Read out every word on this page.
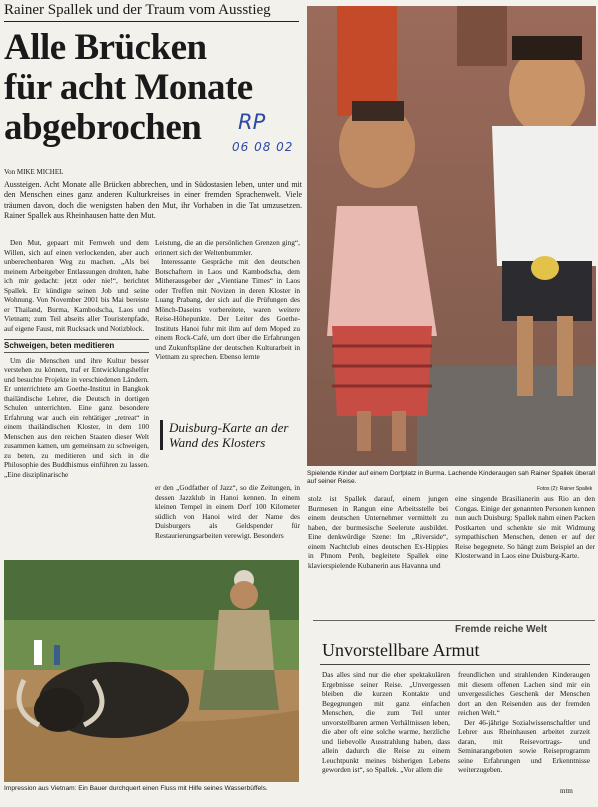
Rainer Spallek und der Traum vom Ausstieg
Alle Brücken
für acht Monate
abgebrochen	RP
06 08 02
Von MIKE MICHEL
Aussteigen. Acht Monate alle Brücken abbrechen, und in Südostasien leben, unter und mit den Menschen eines ganz anderen Kulturkreises in einer fremden Sprachenwelt. Viele träumen davon, doch die wenigsten haben den Mut, ihr Vorhaben in die Tat umzusetzen. Rainer Spallek aus Rheinhausen hatte den Mut.

Den Mut, gepaart mit Fernweh und dem Willen, sich auf einen verlockenden, aber auch unberechenbaren Weg zu machen. „Als bei meinem Arbeitgeber Entlassungen drohten, habe ich mir gedacht: jetzt oder nie!“, berichtet Spallek. Er kündigte seinen Job und seine Wohnung. Von November 2001 bis Mai bereiste er Thailand, Burma, Kambodscha, Laos und Vietnam; zum Teil abseits aller Touristenpfade, auf eigene Faust, mit Rucksack und Notizblock.

Schweigen, beten meditieren

Um die Menschen und ihre Kultur besser verstehen zu können, traf er Entwicklungshelfer und besuchte Projekte in verschiedenen Ländern. Er unterrichtete am Goethe-Institut in Bangkok thailändische Lehrer, die Deutsch in dortigen Schulen unterrichten. Eine ganz besondere Erfahrung war auch ein rehtätiger „retreat“ in einem thailändischen Kloster, in dem 100 Menschen aus den reichen Staaten dieser Welt zusammen kamen, um gemeinsam zu schweigen, zu beten, zu meditieren und sich in die Philosophie des Buddhismus einführen zu lassen. „Eine disziplinarische

Leistung, die an die persönlichen Grenzen ging“, erinnert sich der Weltenbummler.

Interessante Gespräche mit den deutschen Botschaftern in Laos und Kambodscha, dem Mitherausgeber der „Vientiane Times“ in Laos oder Treffen mit Novizen in deren Kloster in Luang Prabang, der sich auf die Prüfungen des Mönch-Daseins vorbereitete, waren weitere Reise-Höhepunkte. Der Leiter des Goethe-Instituts Hanoi fuhr mit ihm auf dem Moped zu einem Rock-Café, um dort über die Erfahrungen und Zukunftspläne der deutschen Kulturarbeit in Vietnam zu sprechen. Ebenso lernte

Duisburg-Karte an der Wand des Klosters

er den „Godfather of Jazz“, so die Zeitungen, in dessen Jazzklub in Hanoi kennen. In einem kleinen Tempel in einem Dorf 100 Kilometer südlich von Hanoi wird der Name des Duisburgers als Geldspender für Restaurierungsarbeiten verewigt. Besonders

Spielende Kinder auf einem Dorfplatz in Burma. Lachende Kinderaugen sah Rainer Spallek überall auf seiner Reise.
Fotos (2): Rainer Spallek

stolz ist Spallek darauf, einem jungen Burmesen in Rangun eine Arbeitsstelle bei einem deutschen Unternehmer vermittelt zu haben, der burmesische Seelerute ausbildet. Eine denkwürdige Szene: Im „Riverside“, einem Nachtclub eines deutschen Ex-Hippies in Phnom Penh, begleitete Spallek eine klavierspielende Kubanerin aus Havanna und

eine singende Brasilianerin aus Rio an den Congas. Einige der genannten Personen kennen nun auch Duisburg: Spallek nahm einen Packen Postkarten und schenkte sie mit Widmung sympathischen Menschen, denen er auf der Reise begegnete. So hängt zum Beispiel an der Klosterwand in Laos eine Duisburg-Karte.

Impression aus Vietnam: Ein Bauer durchquert einen Fluss mit Hilfe seines Wasserbüffels.
Fremde reiche Welt
Unvorstellbare Armut

Das alles sind nur die eher spektakulären Ergebnisse seiner Reise. „Unvergessen bleiben die kurzen Kontakte und Begegnungen mit ganz einfachen Menschen, die zum Teil unter unvorstellbaren armen Verhältnissen leben, die aber oft eine solche warme, herzliche und liebevolle Ausstrahlung haben, dass allein dadurch die Reise zu einem Leuchtpunkt meines bisherigen Lebens geworden ist“, so Spallek. „Vor allem die

freundlichen und strahlenden Kinderaugen mit diesem offenen Lachen sind mir ein unvergessliches Geschenk der Menschen dort an den Reisenden aus der fremden reichen Welt.“

Der 46-jährige Sozialwissenschaftler und Lehrer aus Rheinhausen arbeitet zurzeit daran, mit Reisevortrags- und Seminarangeboten sowie Reiseprogramm seine Erfahrungen und Erkenntnisse weiterzugeben.

mtm
